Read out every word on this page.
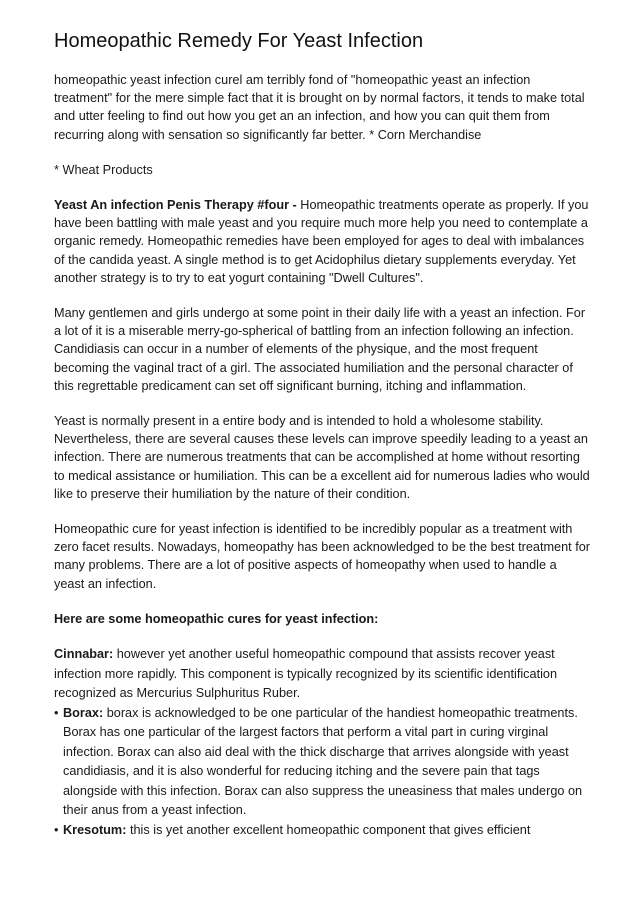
Homeopathic Remedy For Yeast Infection

homeopathic yeast infection curel am terribly fond of "homeopathic yeast an infection treatment" for the mere simple fact that it is brought on by normal factors, it tends to make total and utter feeling to find out how you get an an infection, and how you can quit them from recurring along with sensation so significantly far better. * Corn Merchandise

* Wheat Products

Yeast An infection Penis Therapy #four - Homeopathic treatments operate as properly. If you have been battling with male yeast and you require much more help you need to contemplate a organic remedy. Homeopathic remedies have been employed for ages to deal with imbalances of the candida yeast. A single method is to get Acidophilus dietary supplements everyday. Yet another strategy is to try to eat yogurt containing "Dwell Cultures".

Many gentlemen and girls undergo at some point in their daily life with a yeast an infection. For a lot of it is a miserable merry-go-spherical of battling from an infection following an infection. Candidiasis can occur in a number of elements of the physique, and the most frequent becoming the vaginal tract of a girl. The associated humiliation and the personal character of this regrettable predicament can set off significant burning, itching and inflammation.

Yeast is normally present in a entire body and is intended to hold a wholesome stability. Nevertheless, there are several causes these levels can improve speedily leading to a yeast an infection. There are numerous treatments that can be accomplished at home without resorting to medical assistance or humiliation. This can be a excellent aid for numerous ladies who would like to preserve their humiliation by the nature of their condition.

Homeopathic cure for yeast infection is identified to be incredibly popular as a treatment with zero facet results. Nowadays, homeopathy has been acknowledged to be the best treatment for many problems. There are a lot of positive aspects of homeopathy when used to handle a yeast an infection.

Here are some homeopathic cures for yeast infection:

Cinnabar: however yet another useful homeopathic compound that assists recover yeast infection more rapidly. This component is typically recognized by its scientific identification recognized as Mercurius Sulphuritus Ruber.
• Borax: borax is acknowledged to be one particular of the handiest homeopathic treatments. Borax has one particular of the largest factors that perform a vital part in curing virginal infection. Borax can also aid deal with the thick discharge that arrives alongside with yeast candidiasis, and it is also wonderful for reducing itching and the severe pain that tags alongside with this infection. Borax can also suppress the uneasiness that males undergo on their anus from a yeast infection.
• Kresotum: this is yet another excellent homeopathic component that gives efficient
